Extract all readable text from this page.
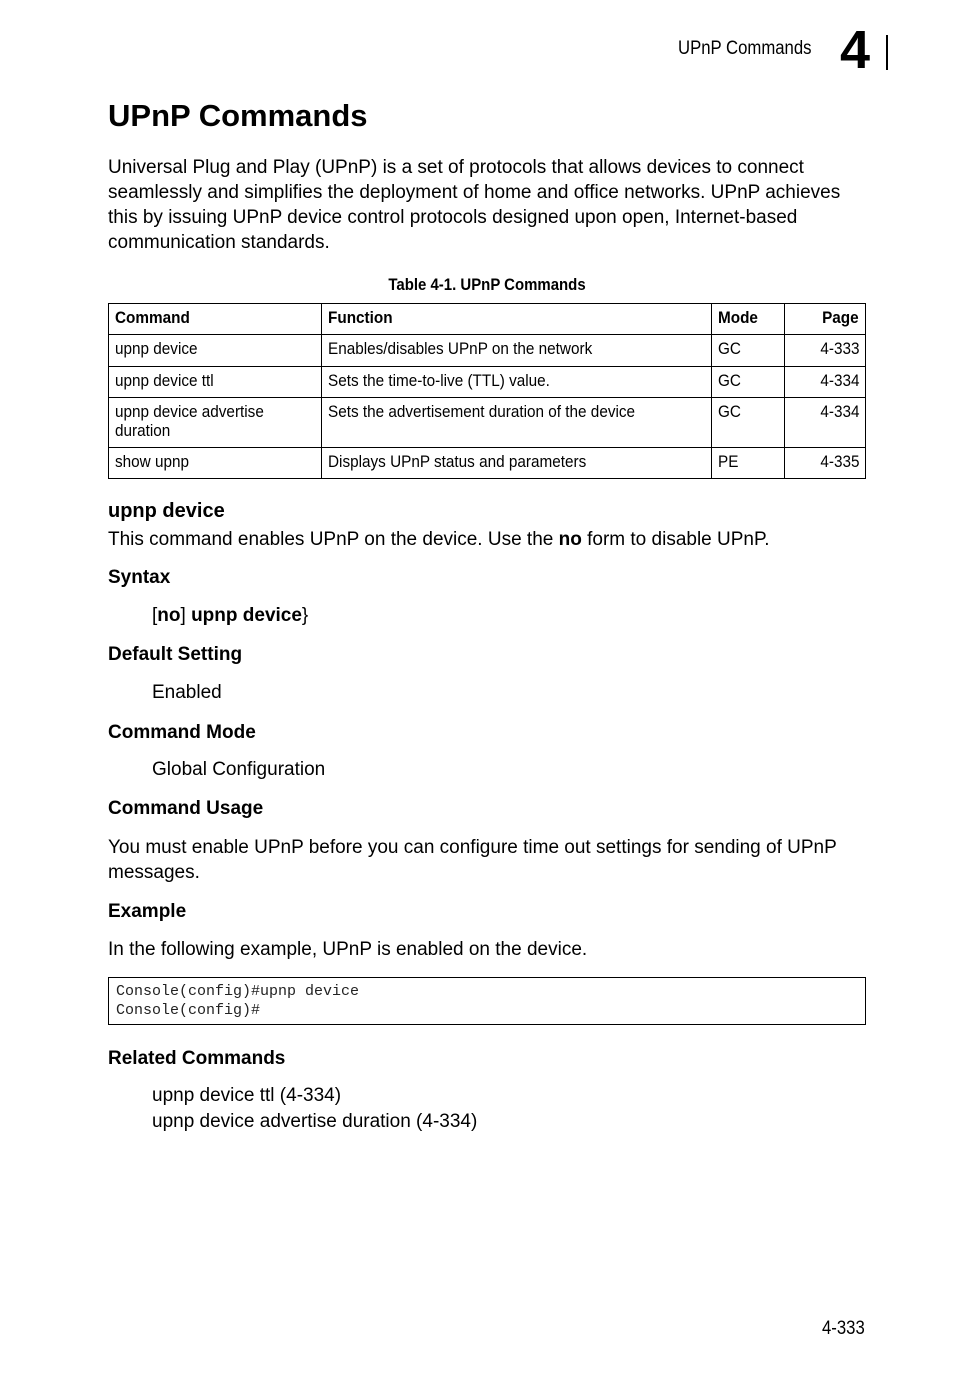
UPnP Commands 4
UPnP Commands

Universal Plug and Play (UPnP) is a set of protocols that allows devices to connect seamlessly and simplifies the deployment of home and office networks. UPnP achieves this by issuing UPnP device control protocols designed upon open, Internet-based communication standards.

Table 4-1. UPnP Commands
Command	Function	Mode	Page
upnp device	Enables/disables UPnP on the network	GC	4-333
upnp device ttl	Sets the time-to-live (TTL) value.	GC	4-334

upnp device advertise duration	Sets the advertisement duration of the device	GC	4-334
show upnp	Displays UPnP status and parameters	PE	4-335
upnp device

This command enables UPnP on the device. Use the no form to disable UPnP.

Syntax

[no] upnp device}

Default Setting

Enabled

Command Mode

Global Configuration

Command Usage

You must enable UPnP before you can configure time out settings for sending of UPnP messages.

Example

In the following example, UPnP is enabled on the device.

Console(config)#upnp device
Console(config)#
Related Commands

upnp device ttl (4-334)

upnp device advertise duration (4-334)

4-333
